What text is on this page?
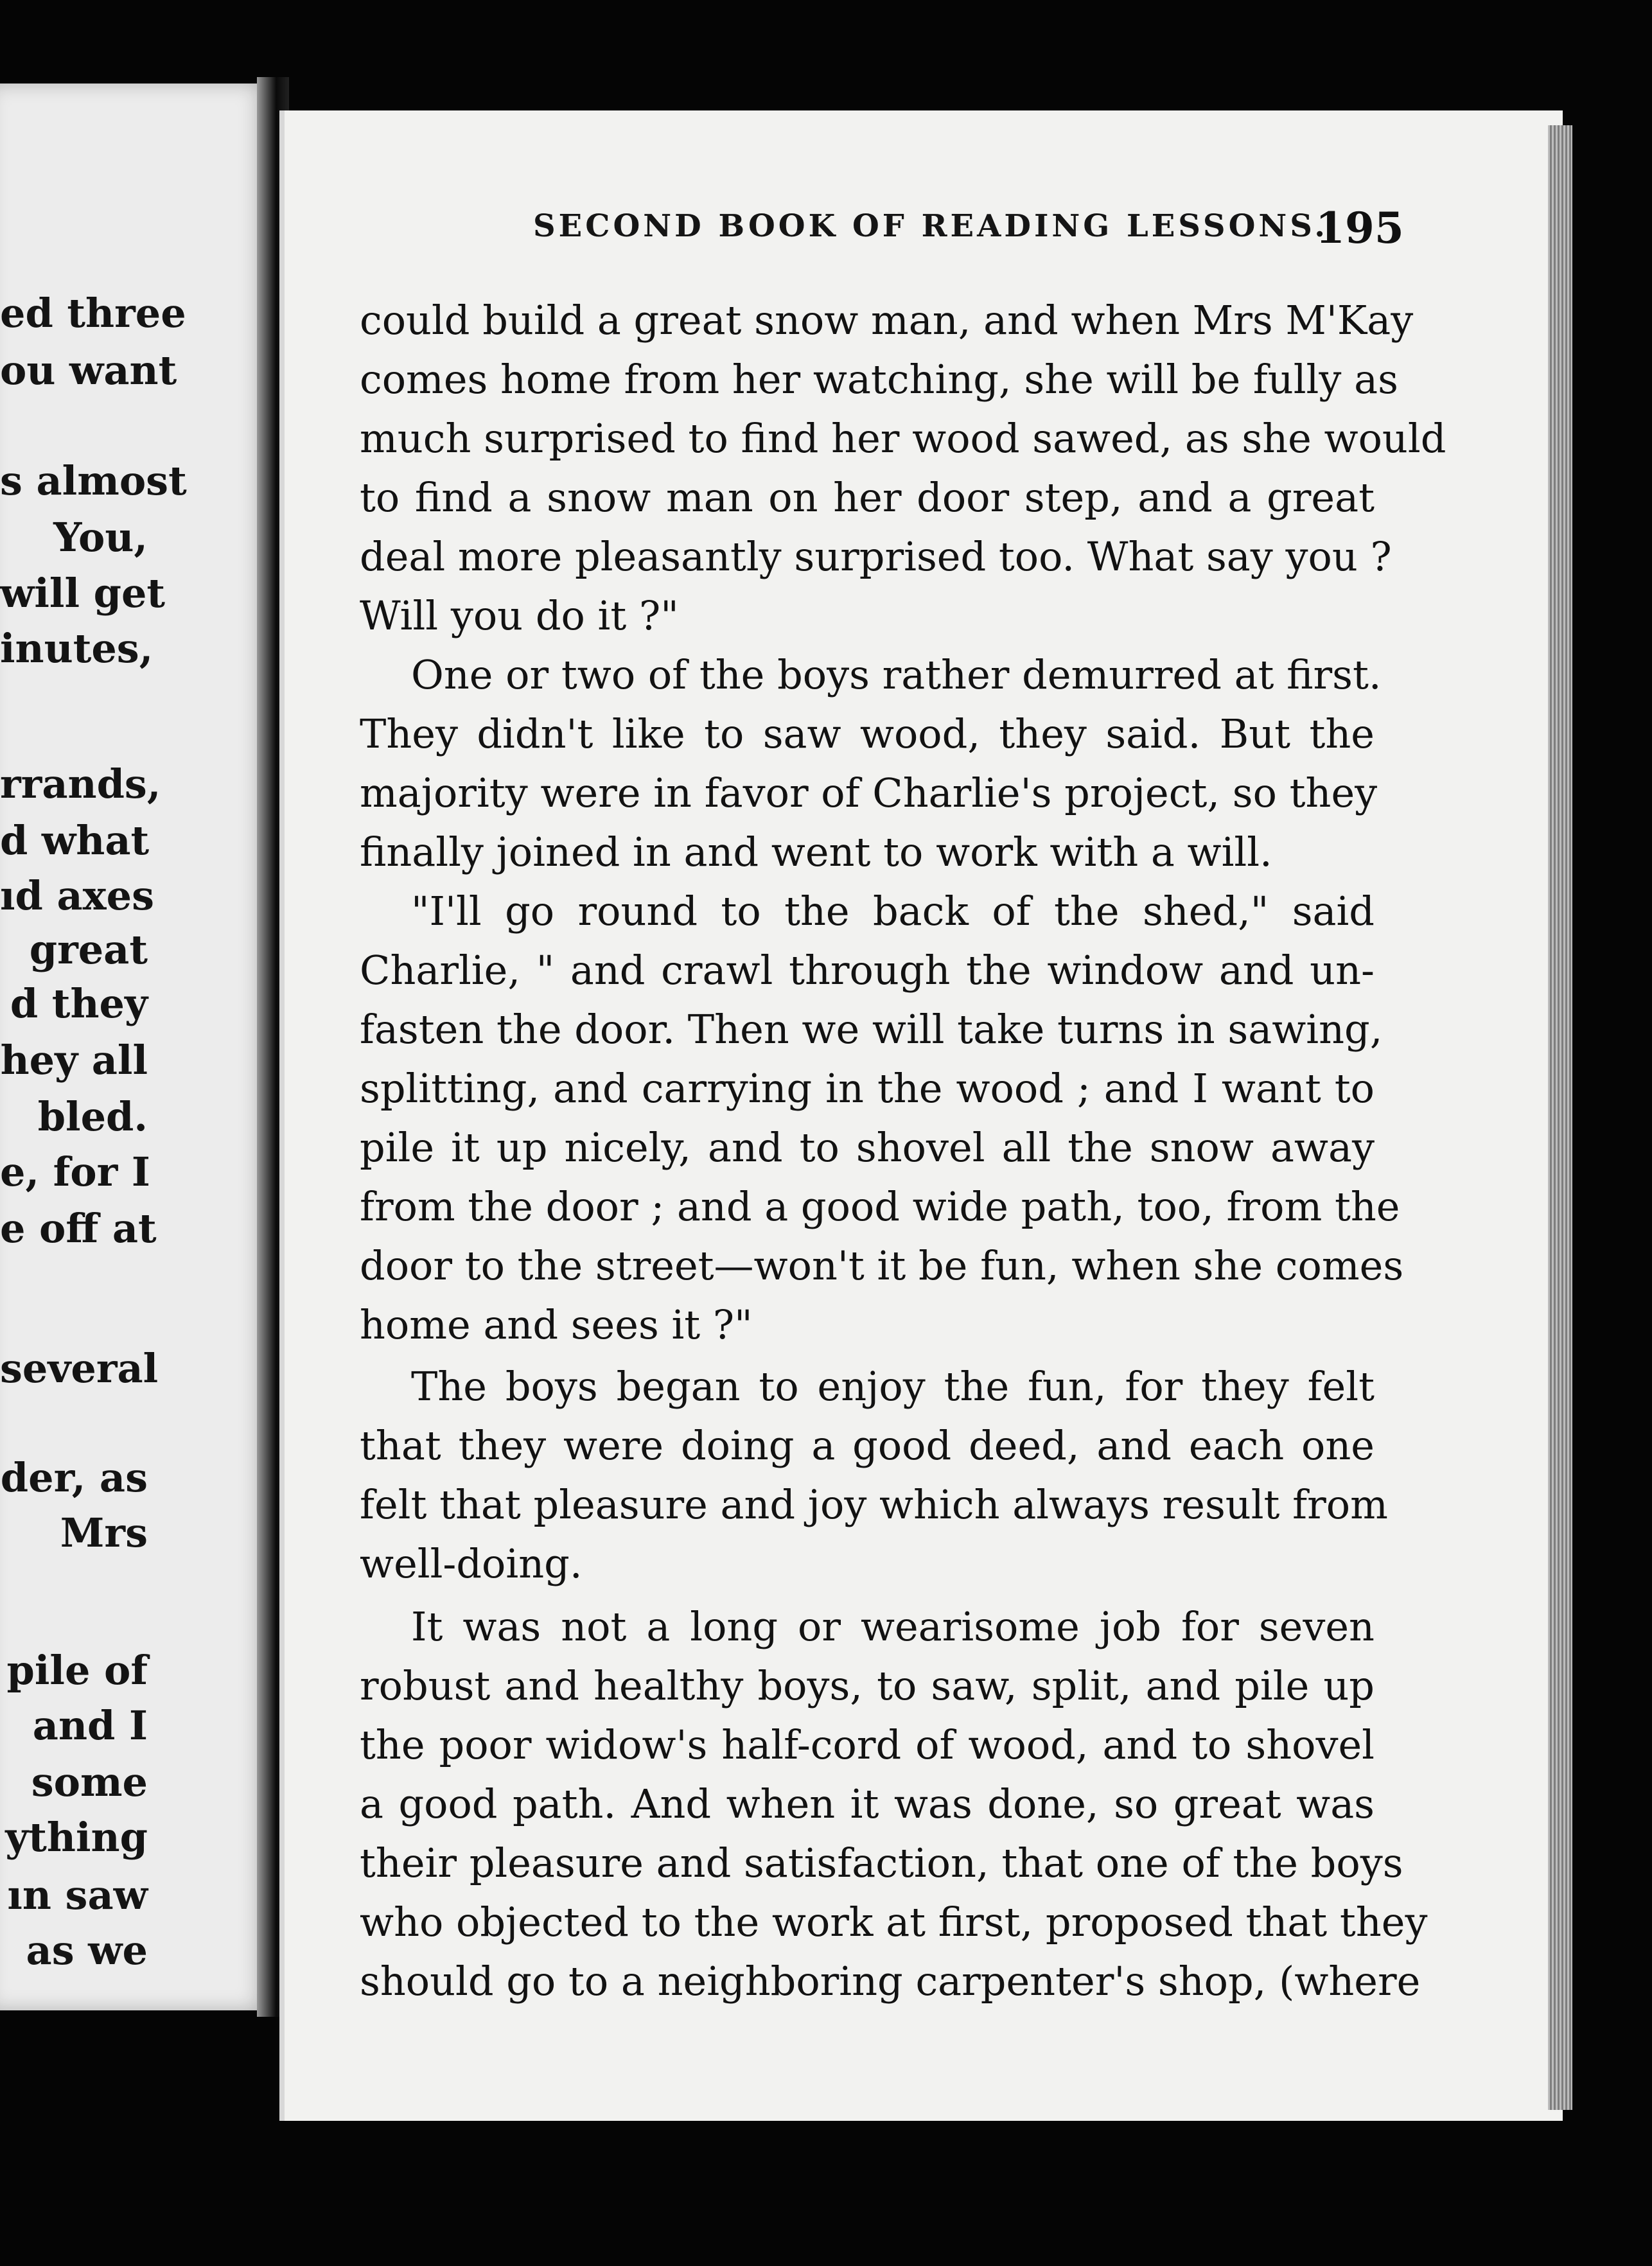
ed three
ou want
s almost
You,
will get
inutes,
rrands,
d what
ıd axes
great
d they
hey all
bled.
e, for I
e off at
several
der, as
Mrs
pile of
and I
some
ything
ın saw
as we
SECOND BOOK OF READING LESSONS.
195
could build a great snow man, and when Mrs M'Kay
comes home from her watching, she will be fully as
much surprised to find her wood sawed, as she would
to find a snow man on her door step, and a great
deal more pleasantly surprised too. What say you ?
Will you do it ?"
One or two of the boys rather demurred at first.
They didn't like to saw wood, they said. But the
majority were in favor of Charlie's project, so they
finally joined in and went to work with a will.
"I'll go round to the back of the shed," said
Charlie, " and crawl through the window and un-
fasten the door. Then we will take turns in sawing,
splitting, and carrying in the wood ; and I want to
pile it up nicely, and to shovel all the snow away
from the door ; and a good wide path, too, from the
door to the street—won't it be fun, when she comes
home and sees it ?"
The boys began to enjoy the fun, for they felt
that they were doing a good deed, and each one
felt that pleasure and joy which always result from
well-doing.
It was not a long or wearisome job for seven
robust and healthy boys, to saw, split, and pile up
the poor widow's half-cord of wood, and to shovel
a good path. And when it was done, so great was
their pleasure and satisfaction, that one of the boys
who objected to the work at first, proposed that they
should go to a neighboring carpenter's shop, (where
